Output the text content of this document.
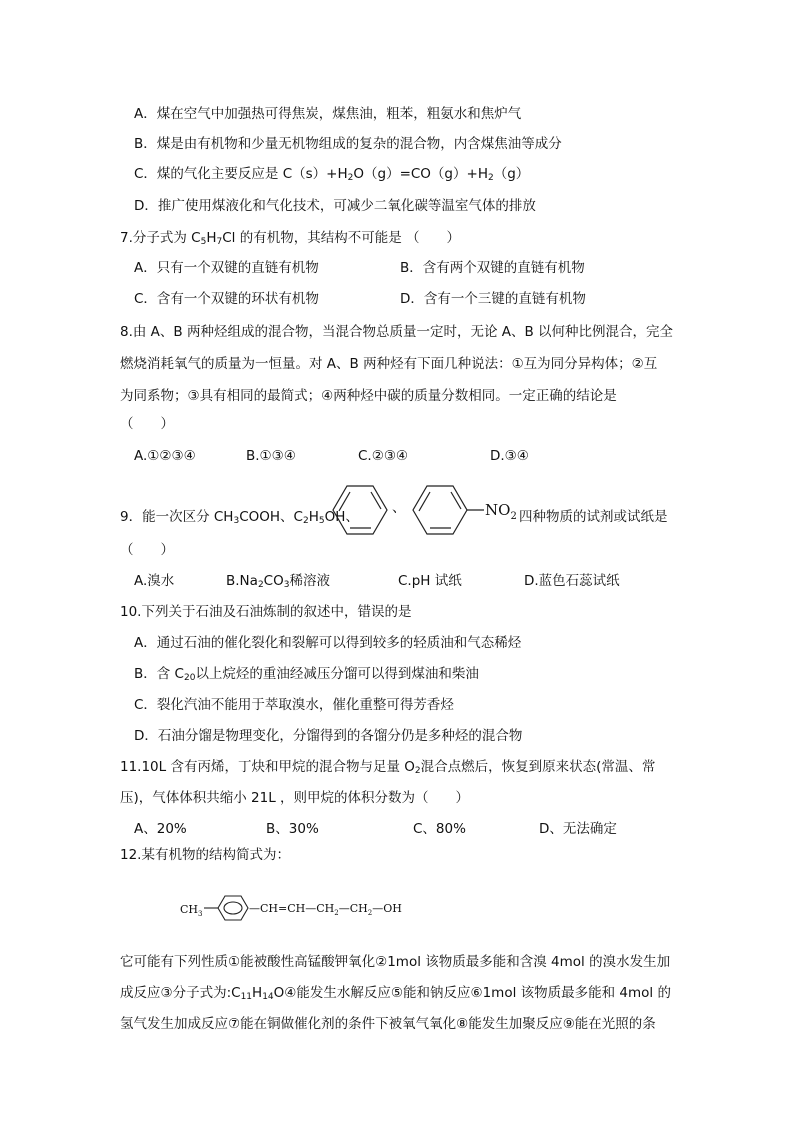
A．煤在空气中加强热可得焦炭，煤焦油，粗苯，粗氨水和焦炉气
B．煤是由有机物和少量无机物组成的复杂的混合物，内含煤焦油等成分
C．煤的气化主要反应是 $C(s)+H_2O(g)=CO(g)+H_2(g)$
D．推广使用煤液化和气化技术，可减少二氧化碳等温室气体的排放
7.分子式为 $C_5H_7Cl$ 的有机物，其结构不可能是 （　　）
A．只有一个双键的直链有机物	B．含有两个双键的直链有机物
C．含有一个双键的环状有机物	D．含有一个三键的直链有机物
8.由 A、B 两种烃组成的混合物，当混合物总质量一定时，无论 A、B 以何种比例混合，完全
燃烧消耗氧气的质量为一恒量。对 A、B 两种烃有下面几种说法：①互为同分异构体；②互
为同系物；③具有相同的最简式；④两种烃中碳的质量分数相同。一定正确的结论是
（　　）
A.①②③④	B.①③④	C.②③④	D.③④
9．能一次区分 $CH_3COOH$、$C_2H_5OH$、
、	$NO_2$ 四种物质的试剂或试纸是
（　　）
A.溴水	$B.Na_2CO_3$稀溶液	C.pH 试纸	D.蓝色石蕊试纸
10.下列关于石油及石油炼制的叙述中，错误的是
A．通过石油的催化裂化和裂解可以得到较多的轻质油和气态稀烃
B．含 $C_{20}$以上烷烃的重油经减压分馏可以得到煤油和柴油
C．裂化汽油不能用于萃取溴水，催化重整可得芳香烃
D．石油分馏是物理变化，分馏得到的各馏分仍是多种烃的混合物
11.10L 含有丙烯，丁炔和甲烷的混合物与足量 $O_2$混合点燃后，恢复到原来状态(常温、常
压)，气体体积共缩小 21L ，则甲烷的体积分数为（　　）
A、20%	B、30%	C、80%	D、无法确定
12.某有机物的结构简式为：
$CH_3$	$—CH=CH—CH_2—CH_2—OH$
它可能有下列性质①能被酸性高锰酸钾氧化②1mol 该物质最多能和含溴 4mol 的溴水发生加
成反应③分子式为$:C_{11}H_{14}O④$能发生水解反应⑤能和钠反应⑥1mol 该物质最多能和 4mol 的
氢气发生加成反应⑦能在铜做催化剂的条件下被氧气氧化⑧能发生加聚反应⑨能在光照的条
